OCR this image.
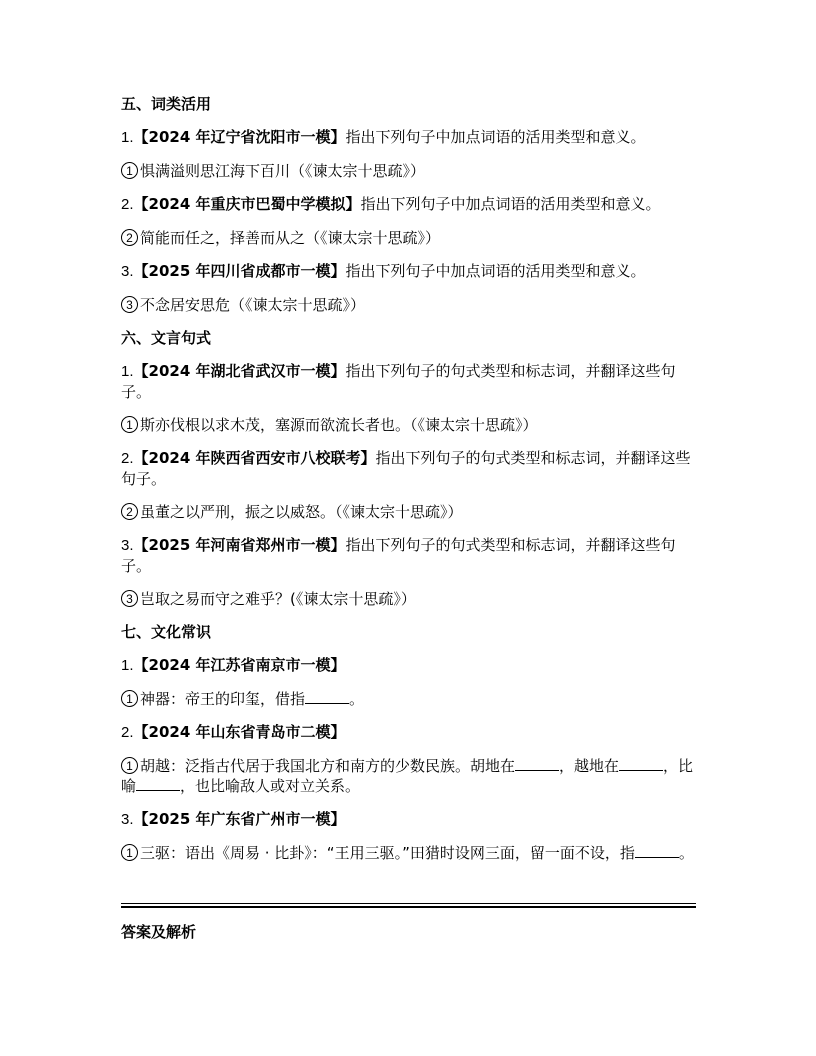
五、词类活用
1.【2024 年辽宁省沈阳市一模】指出下列句子中加点词语的活用类型和意义。
1 惧满溢则思江海下百川（《谏太宗十思疏》）
2.【2024 年重庆市巴蜀中学模拟】指出下列句子中加点词语的活用类型和意义。
2 简能而任之，择善而从之（《谏太宗十思疏》）
3.【2025 年四川省成都市一模】指出下列句子中加点词语的活用类型和意义。
3 不念居安思危（《谏太宗十思疏》）
六、文言句式
1.【2024 年湖北省武汉市一模】指出下列句子的句式类型和标志词，并翻译这些句子。
1 斯亦伐根以求木茂，塞源而欲流长者也。（《谏太宗十思疏》）
2.【2024 年陕西省西安市八校联考】指出下列句子的句式类型和标志词，并翻译这些句子。
2 虽董之以严刑，振之以威怒。（《谏太宗十思疏》）
3.【2025 年河南省郑州市一模】指出下列句子的句式类型和标志词，并翻译这些句子。
3 岂取之易而守之难乎？(《谏太宗十思疏》）
七、文化常识
1.【2024 年江苏省南京市一模】
1 神器：帝王的印玺，借指	。
2.【2024 年山东省青岛市二模】
1 胡越：泛指古代居于我国北方和南方的少数民族。胡地在	，越地在	，比喻	，也比喻敌人或对立关系。
3.【2025 年广东省广州市一模】
1 三驱：语出《周易 · 比卦》：“王用三驱。”田猎时设网三面，留一面不设，指	。
答案及解析
